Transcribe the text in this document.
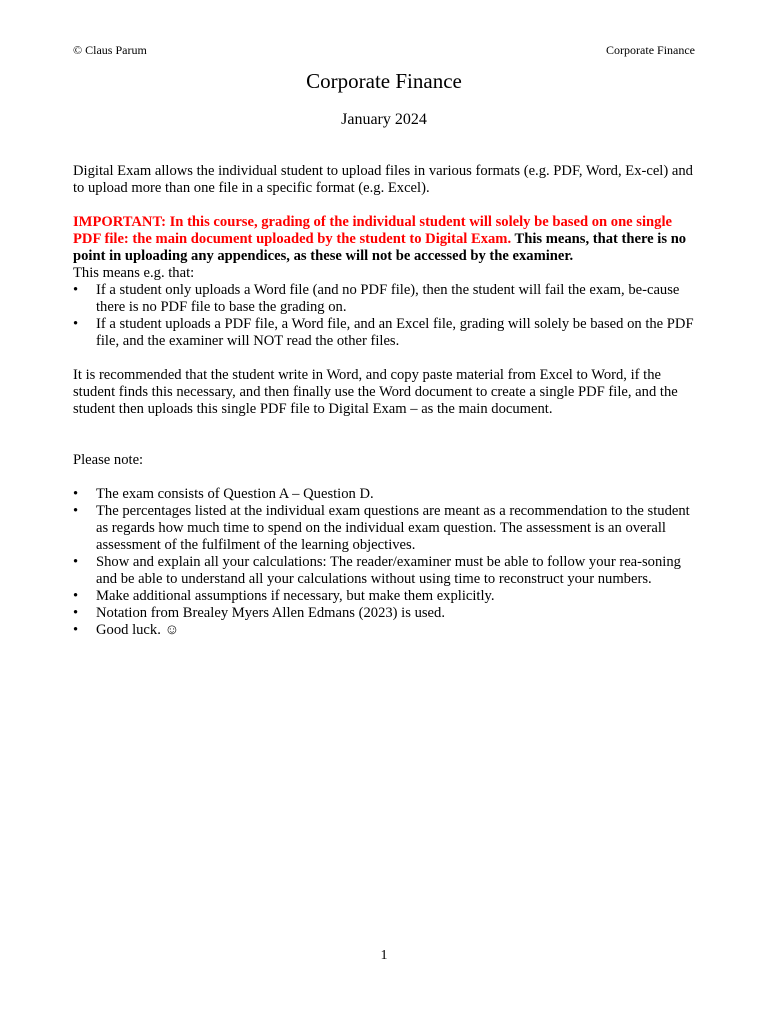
© Claus Parum	Corporate Finance
Corporate Finance
January 2024

Digital Exam allows the individual student to upload files in various formats (e.g. PDF, Word, Ex-cel) and to upload more than one file in a specific format (e.g. Excel).

IMPORTANT: In this course, grading of the individual student will solely be based on one single PDF file: the main document uploaded by the student to Digital Exam. This means, that there is no point in uploading any appendices, as these will not be accessed by the examiner.

This means e.g. that:

• If a student only uploads a Word file (and no PDF file), then the student will fail the exam, be-cause there is no PDF file to base the grading on.
• If a student uploads a PDF file, a Word file, and an Excel file, grading will solely be based on the PDF file, and the examiner will NOT read the other files.

It is recommended that the student write in Word, and copy paste material from Excel to Word, if the student finds this necessary, and then finally use the Word document to create a single PDF file, and the student then uploads this single PDF file to Digital Exam – as the main document.

Please note:

• The exam consists of Question A – Question D.
• The percentages listed at the individual exam questions are meant as a recommendation to the student as regards how much time to spend on the individual exam question. The assessment is an overall assessment of the fulfilment of the learning objectives.
• Show and explain all your calculations: The reader/examiner must be able to follow your rea-soning and be able to understand all your calculations without using time to reconstruct your numbers.
• Make additional assumptions if necessary, but make them explicitly.
• Notation from Brealey Myers Allen Edmans (2023) is used.
• Good luck. ☺
1
